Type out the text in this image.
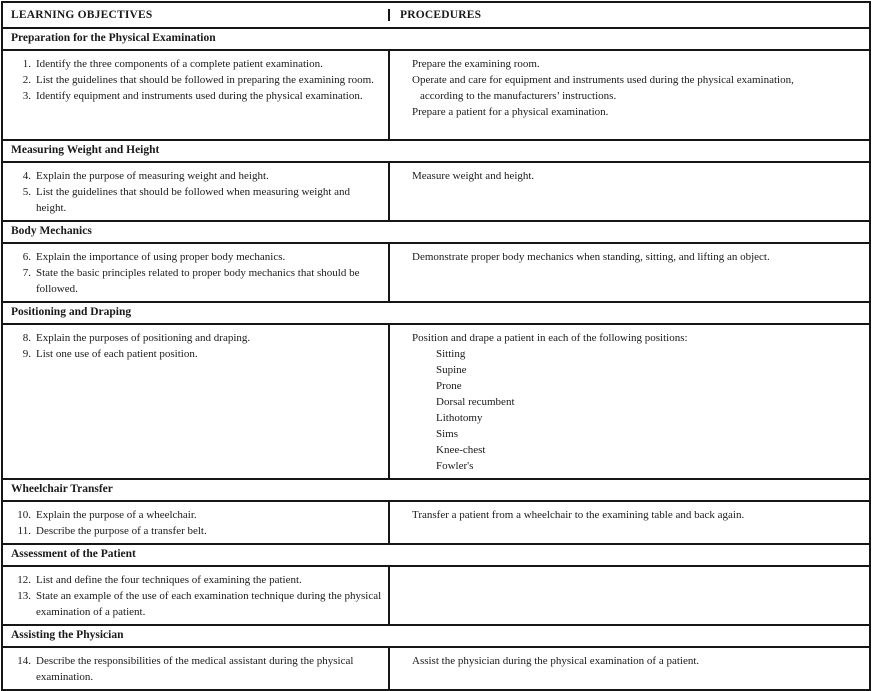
LEARNING OBJECTIVES	PROCEDURES
Preparation for the Physical Examination
1. Identify the three components of a complete patient examination.
2. List the guidelines that should be followed in preparing the examining room.
3. Identify equipment and instruments used during the physical examination.
Prepare the examining room.
Operate and care for equipment and instruments used during the physical examination,
according to the manufacturers’ instructions.
Prepare a patient for a physical examination.
Measuring Weight and Height
4. Explain the purpose of measuring weight and height.
5. List the guidelines that should be followed when measuring weight and height.
Measure weight and height.
Body Mechanics
6. Explain the importance of using proper body mechanics.
7. State the basic principles related to proper body mechanics that should be followed.
Demonstrate proper body mechanics when standing, sitting, and lifting an object.
Positioning and Draping
8. Explain the purposes of positioning and draping.
9. List one use of each patient position.
Position and drape a patient in each of the following positions:
Sitting
Supine
Prone
Dorsal recumbent
Lithotomy
Sims
Knee-chest
Fowler's
Wheelchair Transfer
10. Explain the purpose of a wheelchair.
11. Describe the purpose of a transfer belt.
Transfer a patient from a wheelchair to the examining table and back again.
Assessment of the Patient
12. List and define the four techniques of examining the patient.
13. State an example of the use of each examination technique during the physical examination of a patient.
Assisting the Physician
14. Describe the responsibilities of the medical assistant during the physical examination.
Assist the physician during the physical examination of a patient.
